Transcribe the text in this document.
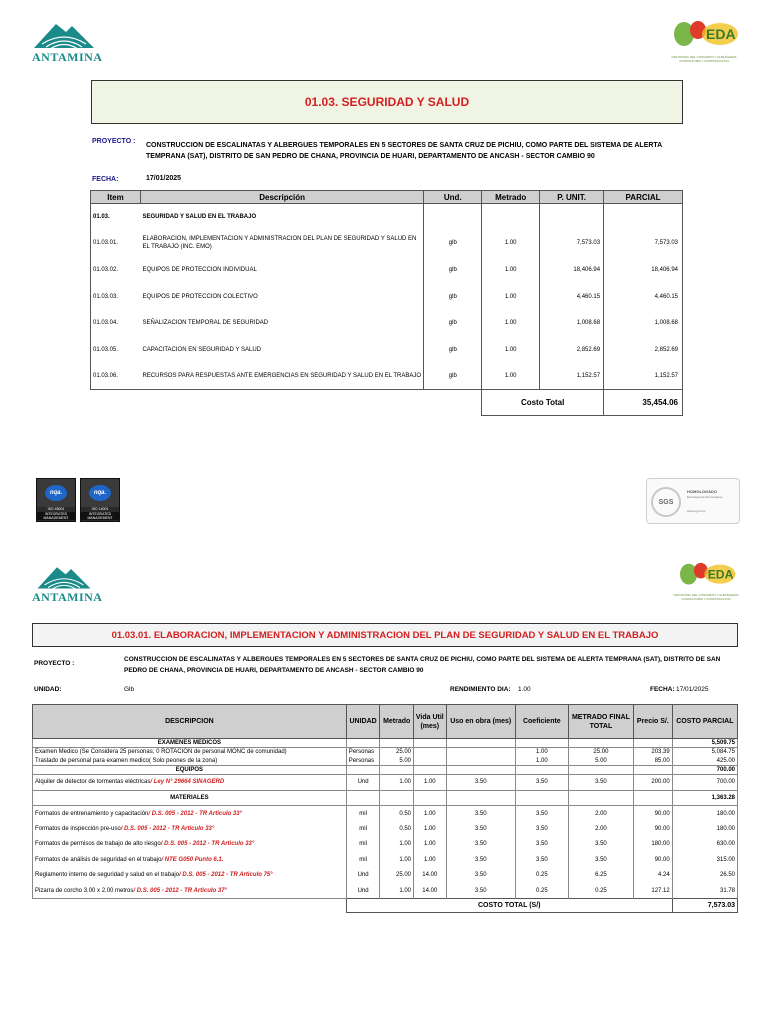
ANTAMINA
EDA
INDUSTRIAL DEL CONCRETO Y ALBAÑILERIA
CONSULTORIA Y CONSTRUCCION
01.03. SEGURIDAD Y SALUD
PROYECTO :
CONSTRUCCION DE ESCALINATAS Y ALBERGUES TEMPORALES EN 5 SECTORES DE SANTA CRUZ DE PICHIU, COMO PARTE DEL SISTEMA DE ALERTA TEMPRANA (SAT), DISTRITO DE SAN PEDRO DE CHANA, PROVINCIA DE HUARI, DEPARTAMENTO DE ANCASH - SECTOR CAMBIO 90
FECHA:	17/01/2025
Item	Descripción	Und.	Metrado	P. UNIT.	PARCIAL
01.03.	SEGURIDAD Y SALUD EN EL TRABAJO				
01.03.01.	ELABORACION, IMPLEMENTACION Y ADMINISTRACION DEL PLAN DE SEGURIDAD Y SALUD EN EL TRABAJO (INC. EMO)	glb	1.00	7,573.03	7,573.03
01.03.02.	EQUIPOS DE PROTECCION INDIVIDUAL	glb	1.00	18,406.94	18,406.94
01.03.03.	EQUIPOS DE PROTECCION COLECTIVO	glb	1.00	4,460.15	4,460.15
01.03.04.	SEÑALIZACION TEMPORAL DE SEGURIDAD	glb	1.00	1,008.68	1,008.68
01.03.05.	CAPACITACION EN SEGURIDAD Y SALUD	glb	1.00	2,852.69	2,852.69
01.03.06.	RECURSOS PARA RESPUESTAS ANTE EMERGENCIAS EN SEGURIDAD Y SALUD EN EL TRABAJO	glb	1.00	1,152.57	1,152.57
			Costo Total		35,454.06
nqa.
ISO 45001
INTEGRATED MANAGEMENT
nqa.
ISO 14001
INTEGRATED MANAGEMENT
SGS
HOMOLOGADO
Estrategia de Proveedores
www.sgs.com
ANTAMINA
EDA
INDUSTRIAL DEL CONCRETO Y ALBAÑILERIA
CONSULTORIA Y CONSTRUCCION
01.03.01. ELABORACION, IMPLEMENTACION Y ADMINISTRACION DEL PLAN DE SEGURIDAD Y SALUD EN EL TRABAJO
PROYECTO :
CONSTRUCCION DE ESCALINATAS Y ALBERGUES TEMPORALES EN 5 SECTORES DE SANTA CRUZ DE PICHIU, COMO PARTE DEL SISTEMA DE ALERTA TEMPRANA (SAT), DISTRITO DE SAN PEDRO DE CHANA, PROVINCIA DE HUARI, DEPARTAMENTO DE ANCASH - SECTOR CAMBIO 90
UNIDAD:	Glb	RENDIMIENTO DIA: 1.00	FECHA: 17/01/2025
DESCRIPCION	UNIDAD	Metrado	Vida Util (mes)	Uso en obra (mes)	Coeficiente	METRADO FINAL TOTAL	Precio S/.	COSTO PARCIAL
EXAMENES MEDICOS								5,509.75
Examen Medico (Se Considera 25 personas; 0 ROTACION de personal MONC de comunidad)	Personas	25.00			1.00	25.00	203.39	5,084.75
Traslado de personal para examen medico( Solo peones de la zona)	Personas	5.00			1.00	5.00	85.00	425.00
EQUIPOS								700.00
Alquiler de detector de tormentas eléctricas/ Ley N° 29664 SINAGERD	Und	1.00	1.00	3.50	3.50	3.50	200.00	700.00
MATERIALES								1,363.28
Formatos de entrenamiento y capacitación/ D.S. 005 - 2012 - TR Articulo 33°	mil	0.50	1.00	3.50	3.50	2.00	90.00	180.00
Formatos de inspección pre-uso/ D.S. 005 - 2012 - TR Articulo 33°	mil	0.50	1.00	3.50	3.50	2.00	90.00	180.00
Formatos de permisos de trabajo de alto riesgo/ D.S. 005 - 2012 - TR Articulo 33°	mil	1.00	1.00	3.50	3.50	3.50	180.00	630.00
Formatos de análisis de seguridad en el trabajo/ NTE G050 Punto 6.1.	mil	1.00	1.00	3.50	3.50	3.50	90.00	315.00
Reglamento interno de seguridad y salud en el trabajo/ D.S. 005 - 2012 - TR Articulo 75°	Und	25.00	14.00	3.50	0.25	6.25	4.24	26.50
Pizarra de corcho 3.00 x 2.00 metros/ D.S. 005 - 2012 - TR Articulo 37°	Und	1.00	14.00	3.50	0.25	0.25	127.12	31.78
	COSTO TOTAL (S/)							7,573.03
